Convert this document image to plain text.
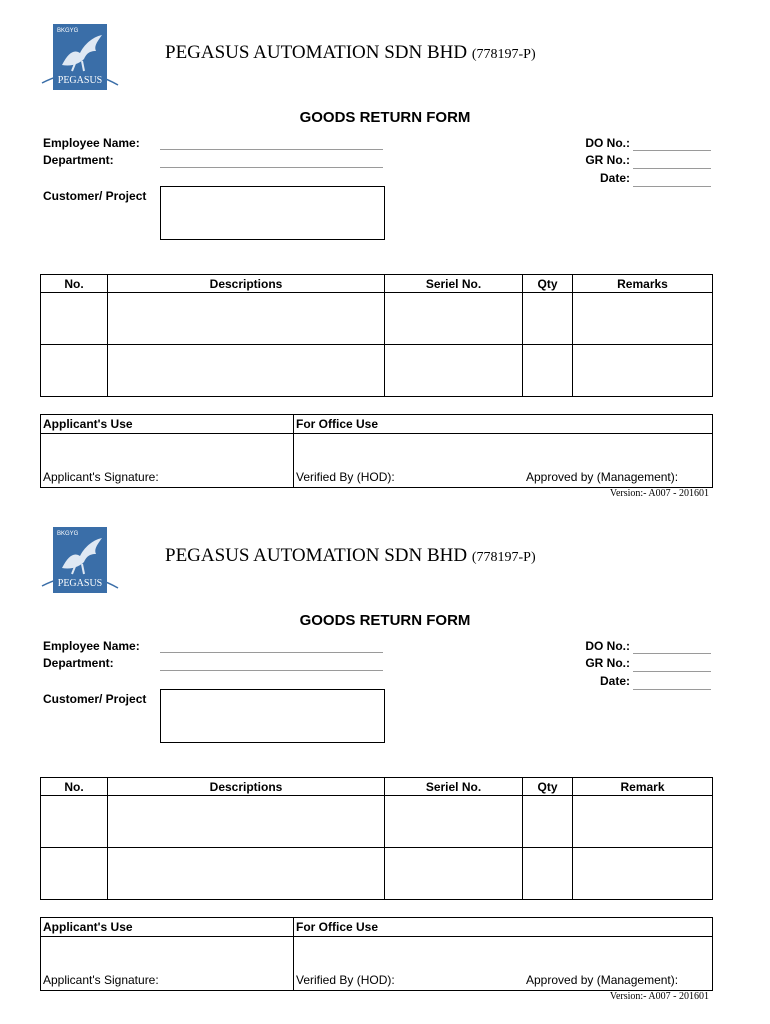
BKGYG
PEGASUS
PEGASUS AUTOMATION SDN BHD (778197-P)
GOODS RETURN FORM
Employee Name:
Department:
DO No.:
GR No.:
Date:
Customer/ Project
No.	Descriptions	Seriel No.	Qty	Remarks

Applicant's Use	For Office Use
Applicant's Signature:	Verified By (HOD):	Approved by (Management):
Version:- A007 - 201601
BKGYG
PEGASUS
PEGASUS AUTOMATION SDN BHD (778197-P)
GOODS RETURN FORM
Employee Name:
Department:
DO No.:
GR No.:
Date:
Customer/ Project
No.	Descriptions	Seriel No.	Qty	Remark

Applicant's Use	For Office Use
Applicant's Signature:	Verified By (HOD):	Approved by (Management):
Version:- A007 - 201601
